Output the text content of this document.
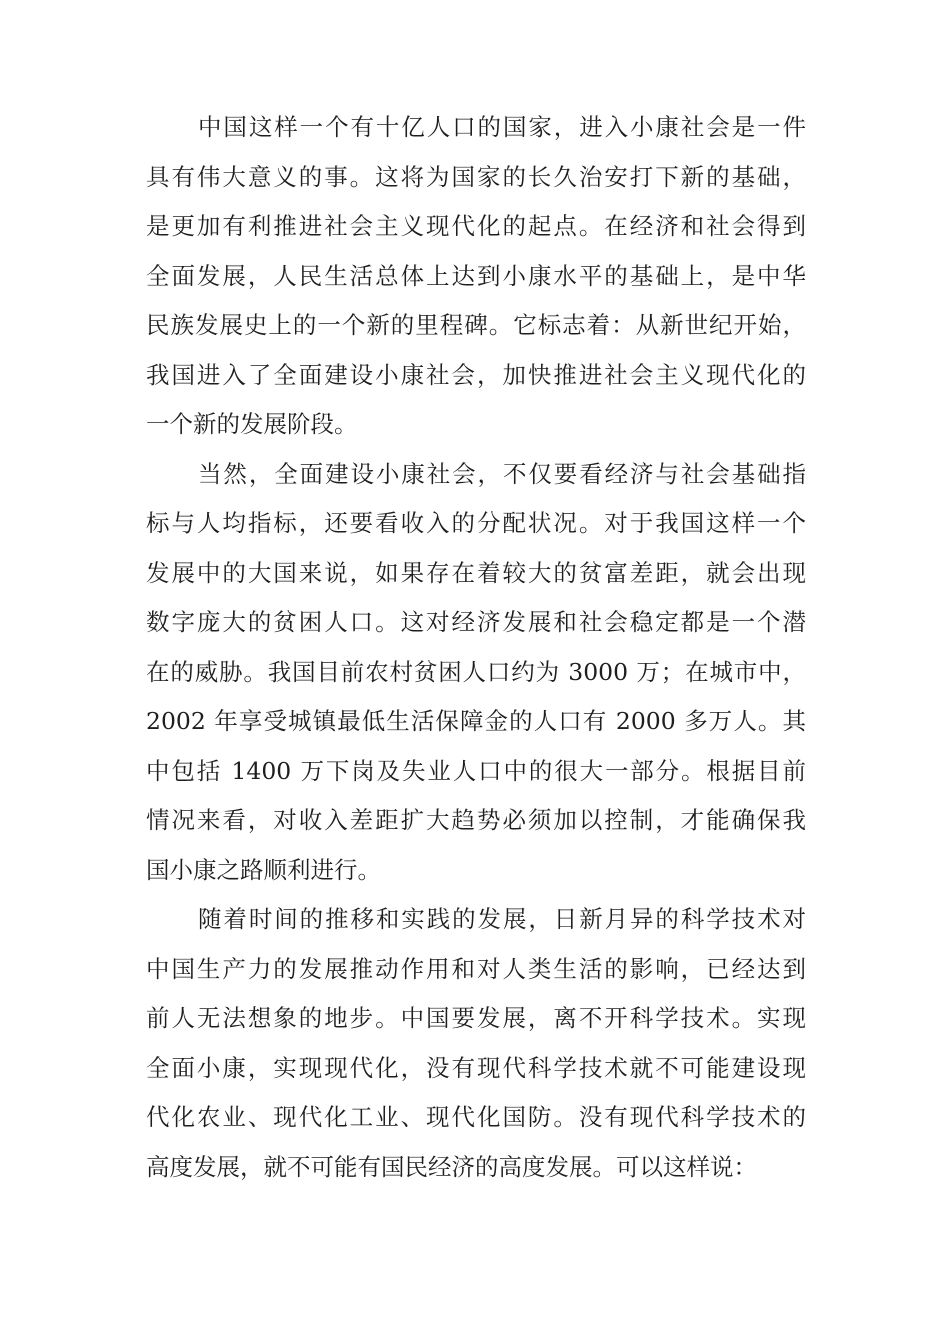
中国这样一个有十亿人口的国家，进入小康社会是一件
具有伟大意义的事。这将为国家的长久治安打下新的基础，
是更加有利推进社会主义现代化的起点。在经济和社会得到
全面发展，人民生活总体上达到小康水平的基础上，是中华
民族发展史上的一个新的里程碑。它标志着：从新世纪开始，
我国进入了全面建设小康社会，加快推进社会主义现代化的
一个新的发展阶段。
当然，全面建设小康社会，不仅要看经济与社会基础指
标与人均指标，还要看收入的分配状况。对于我国这样一个
发展中的大国来说，如果存在着较大的贫富差距，就会出现
数字庞大的贫困人口。这对经济发展和社会稳定都是一个潜
在的威胁。我国目前农村贫困人口约为 3000 万；在城市中，
2002 年享受城镇最低生活保障金的人口有 2000 多万人。其
中包括 1400 万下岗及失业人口中的很大一部分。根据目前
情况来看，对收入差距扩大趋势必须加以控制，才能确保我
国小康之路顺利进行。
随着时间的推移和实践的发展，日新月异的科学技术对
中国生产力的发展推动作用和对人类生活的影响，已经达到
前人无法想象的地步。中国要发展，离不开科学技术。实现
全面小康，实现现代化，没有现代科学技术就不可能建设现
代化农业、现代化工业、现代化国防。没有现代科学技术的
高度发展，就不可能有国民经济的高度发展。可以这样说：
